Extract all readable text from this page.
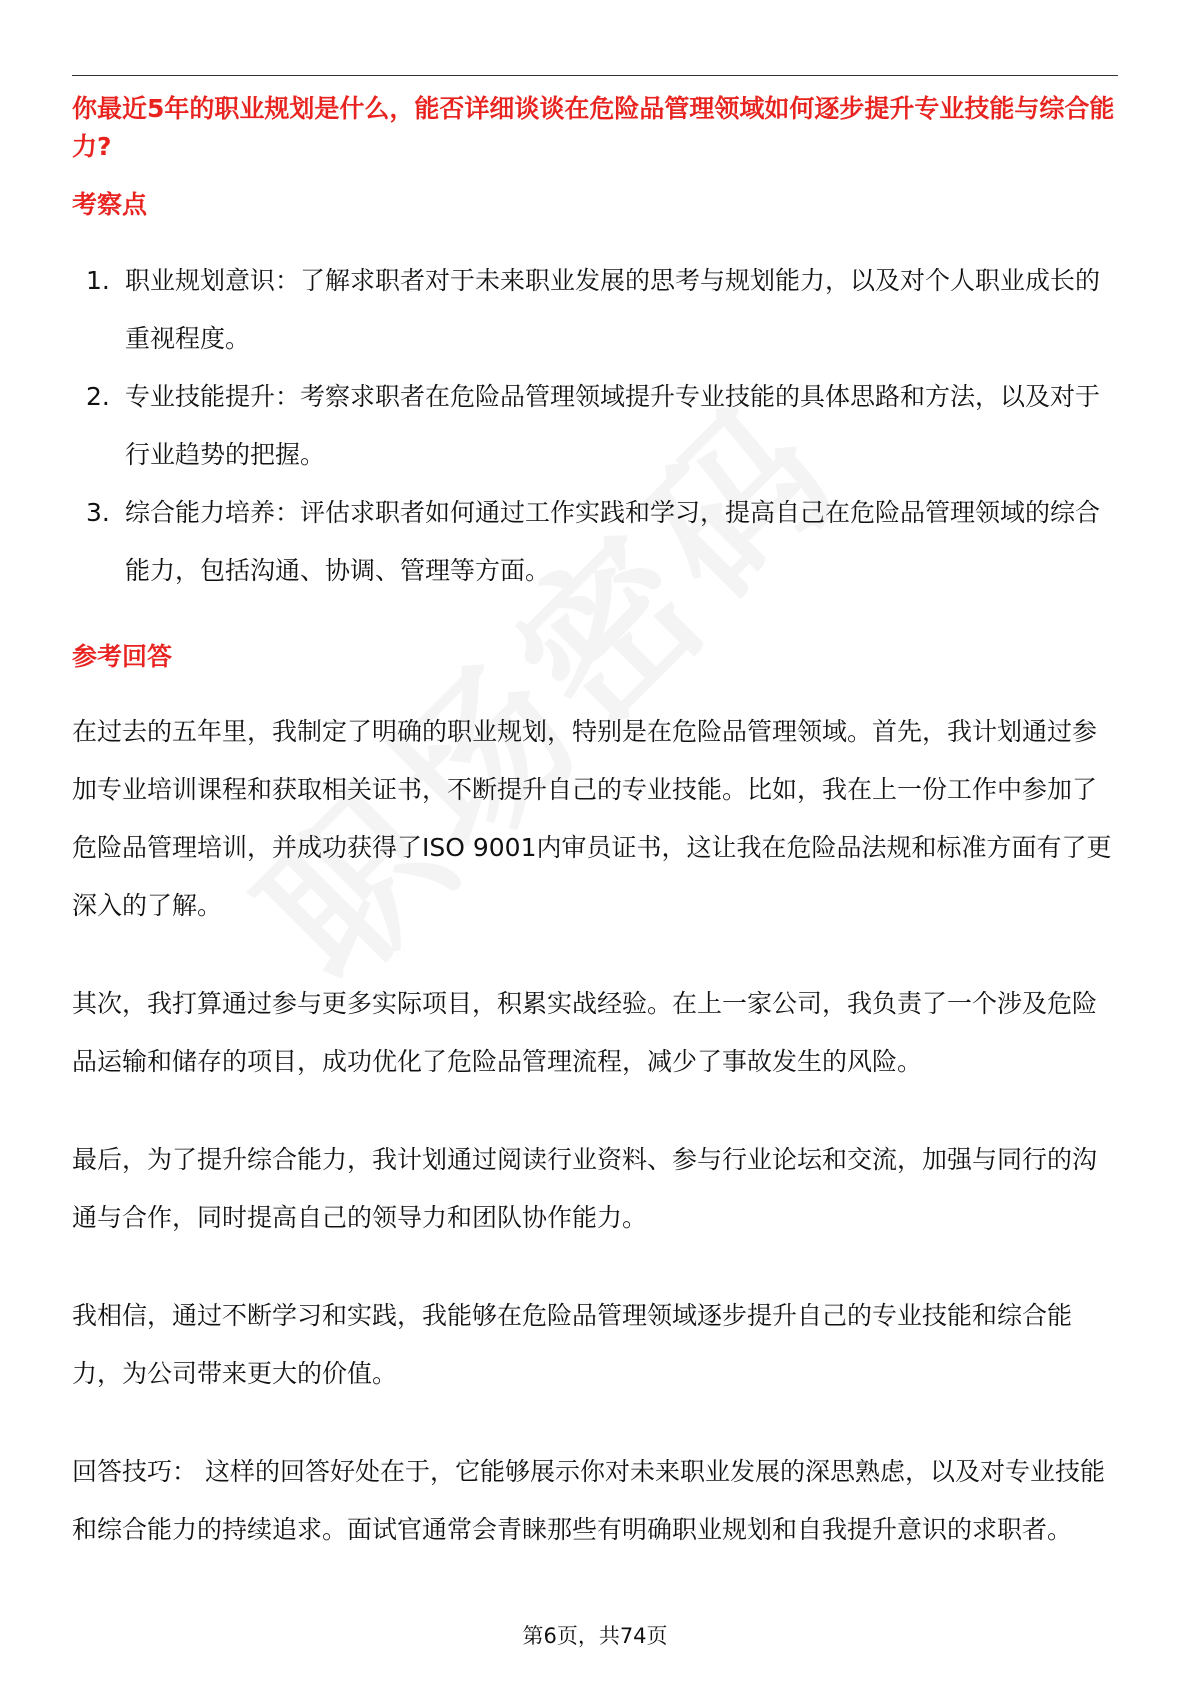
你最近5年的职业规划是什么，能否详细谈谈在危险品管理领域如何逐步提升专业技能与综合能力?

考察点

1. 职业规划意识：了解求职者对于未来职业发展的思考与规划能力，以及对个人职业成长的重视程度。
2. 专业技能提升：考察求职者在危险品管理领域提升专业技能的具体思路和方法，以及对于行业趋势的把握。
3. 综合能力培养：评估求职者如何通过工作实践和学习，提高自己在危险品管理领域的综合能力，包括沟通、协调、管理等方面。

参考回答

在过去的五年里，我制定了明确的职业规划，特别是在危险品管理领域。首先，我计划通过参加专业培训课程和获取相关证书，不断提升自己的专业技能。比如，我在上一份工作中参加了危险品管理培训，并成功获得了ISO 9001内审员证书，这让我在危险品法规和标准方面有了更深入的了解。

其次，我打算通过参与更多实际项目，积累实战经验。在上一家公司，我负责了一个涉及危险品运输和储存的项目，成功优化了危险品管理流程，减少了事故发生的风险。

最后，为了提升综合能力，我计划通过阅读行业资料、参与行业论坛和交流，加强与同行的沟通与合作，同时提高自己的领导力和团队协作能力。

我相信，通过不断学习和实践，我能够在危险品管理领域逐步提升自己的专业技能和综合能力，为公司带来更大的价值。

回答技巧： 这样的回答好处在于，它能够展示你对未来职业发展的深思熟虑，以及对专业技能和综合能力的持续追求。面试官通常会青睐那些有明确职业规划和自我提升意识的求职者。

第6页，共74页
